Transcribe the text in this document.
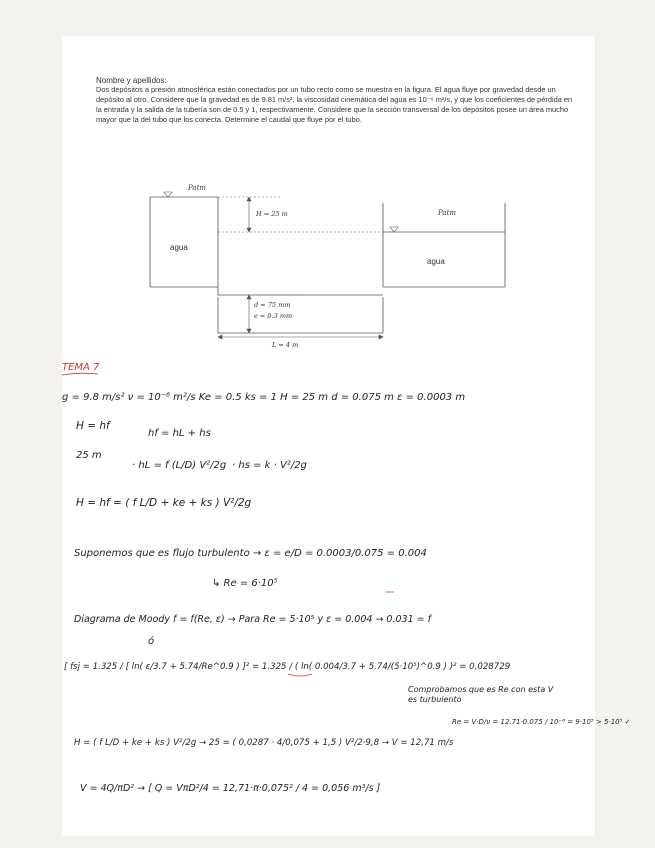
Nombre y apellidos:

Dos depósitos a presión atmosférica están conectados por un tubo recto como se muestra en la figura. El agua fluye por gravedad desde un depósito al otro. Considere que la gravedad es de 9.81 m/s², la viscosidad cinemática del agua es 10⁻⁶ m²/s, y que los coeficientes de pérdida en la entrada y la salida de la tubería son de 0.5 y 1, respectivamente. Considere que la sección transversal de los depósitos posee un área mucho mayor que la del tubo que los conecta. Determine el caudal que fluye por el tubo.

Patm
Patm
agua
agua
H = 25 m
d = 75 mm
e = 0.3 mm
L = 4 m
TEMA 7
g = 9.8 m/s² ν = 10⁻⁶ m²/s Ke = 0.5 ks = 1 H = 25 m d = 0.075 m ε = 0.0003 m
H = hf
hf = hL + hs
25 m
· hL = f (L/D) V²/2g · hs = k · V²/2g
H = hf = ( f L/D + ke + ks ) V²/2g
Suponemos que es flujo turbulento → ε = e/D = 0.0003/0.075 = 0.004
↳ Re = 6·10⁵
Diagrama de Moody f = f(Re, ε) → Para Re = 5·10⁵ y ε = 0.004 → 0.031 = f
ó
[ fsj = 1.325 / [ ln( ε/3.7 + 5.74/Re^0.9 ) ]² = 1.325 / ( ln( 0.004/3.7 + 5.74/(5·10⁵)^0.9 ) )² = 0,028729
Comprobamos que es Re con esta V
es turbulento
Re = V·D/ν = 12.71·0.075 / 10⁻⁶ = 9·10⁵ > 5·10⁵ ✓
H = ( f L/D + ke + ks ) V²/2g → 25 = ( 0,0287 · 4/0,075 + 1,5 ) V²/2·9,8 → V = 12,71 m/s
V = 4Q/πD² → [ Q = VπD²/4 = 12,71·π·0,075² / 4 = 0,056 m³/s ]
